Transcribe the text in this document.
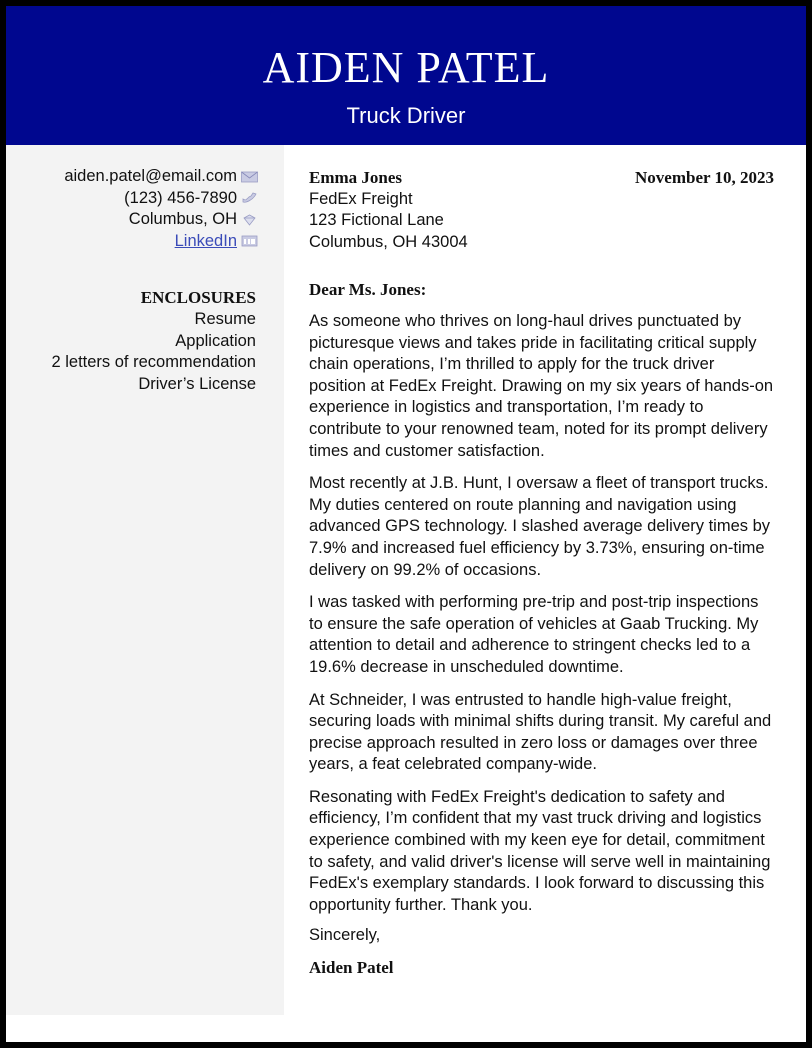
AIDEN PATEL
Truck Driver
aiden.patel@email.com
(123) 456-7890
Columbus, OH
LinkedIn
ENCLOSURES
Resume
Application
2 letters of recommendation
Driver’s License
Emma Jones
FedEx Freight
123 Fictional Lane
Columbus, OH 43004
November 10, 2023
Dear Ms. Jones:

As someone who thrives on long-haul drives punctuated by picturesque views and takes pride in facilitating critical supply chain operations, I’m thrilled to apply for the truck driver position at FedEx Freight. Drawing on my six years of hands-on experience in logistics and transportation, I’m ready to contribute to your renowned team, noted for its prompt delivery times and customer satisfaction.

Most recently at J.B. Hunt, I oversaw a fleet of transport trucks. My duties centered on route planning and navigation using advanced GPS technology. I slashed average delivery times by 7.9% and increased fuel efficiency by 3.73%, ensuring on-time delivery on 99.2% of occasions.

I was tasked with performing pre-trip and post-trip inspections to ensure the safe operation of vehicles at Gaab Trucking. My attention to detail and adherence to stringent checks led to a 19.6% decrease in unscheduled downtime.

At Schneider, I was entrusted to handle high-value freight, securing loads with minimal shifts during transit. My careful and precise approach resulted in zero loss or damages over three years, a feat celebrated company-wide.

Resonating with FedEx Freight's dedication to safety and efficiency, I’m confident that my vast truck driving and logistics experience combined with my keen eye for detail, commitment to safety, and valid driver's license will serve well in maintaining FedEx's exemplary standards. I look forward to discussing this opportunity further. Thank you.

Sincerely,
Aiden Patel
